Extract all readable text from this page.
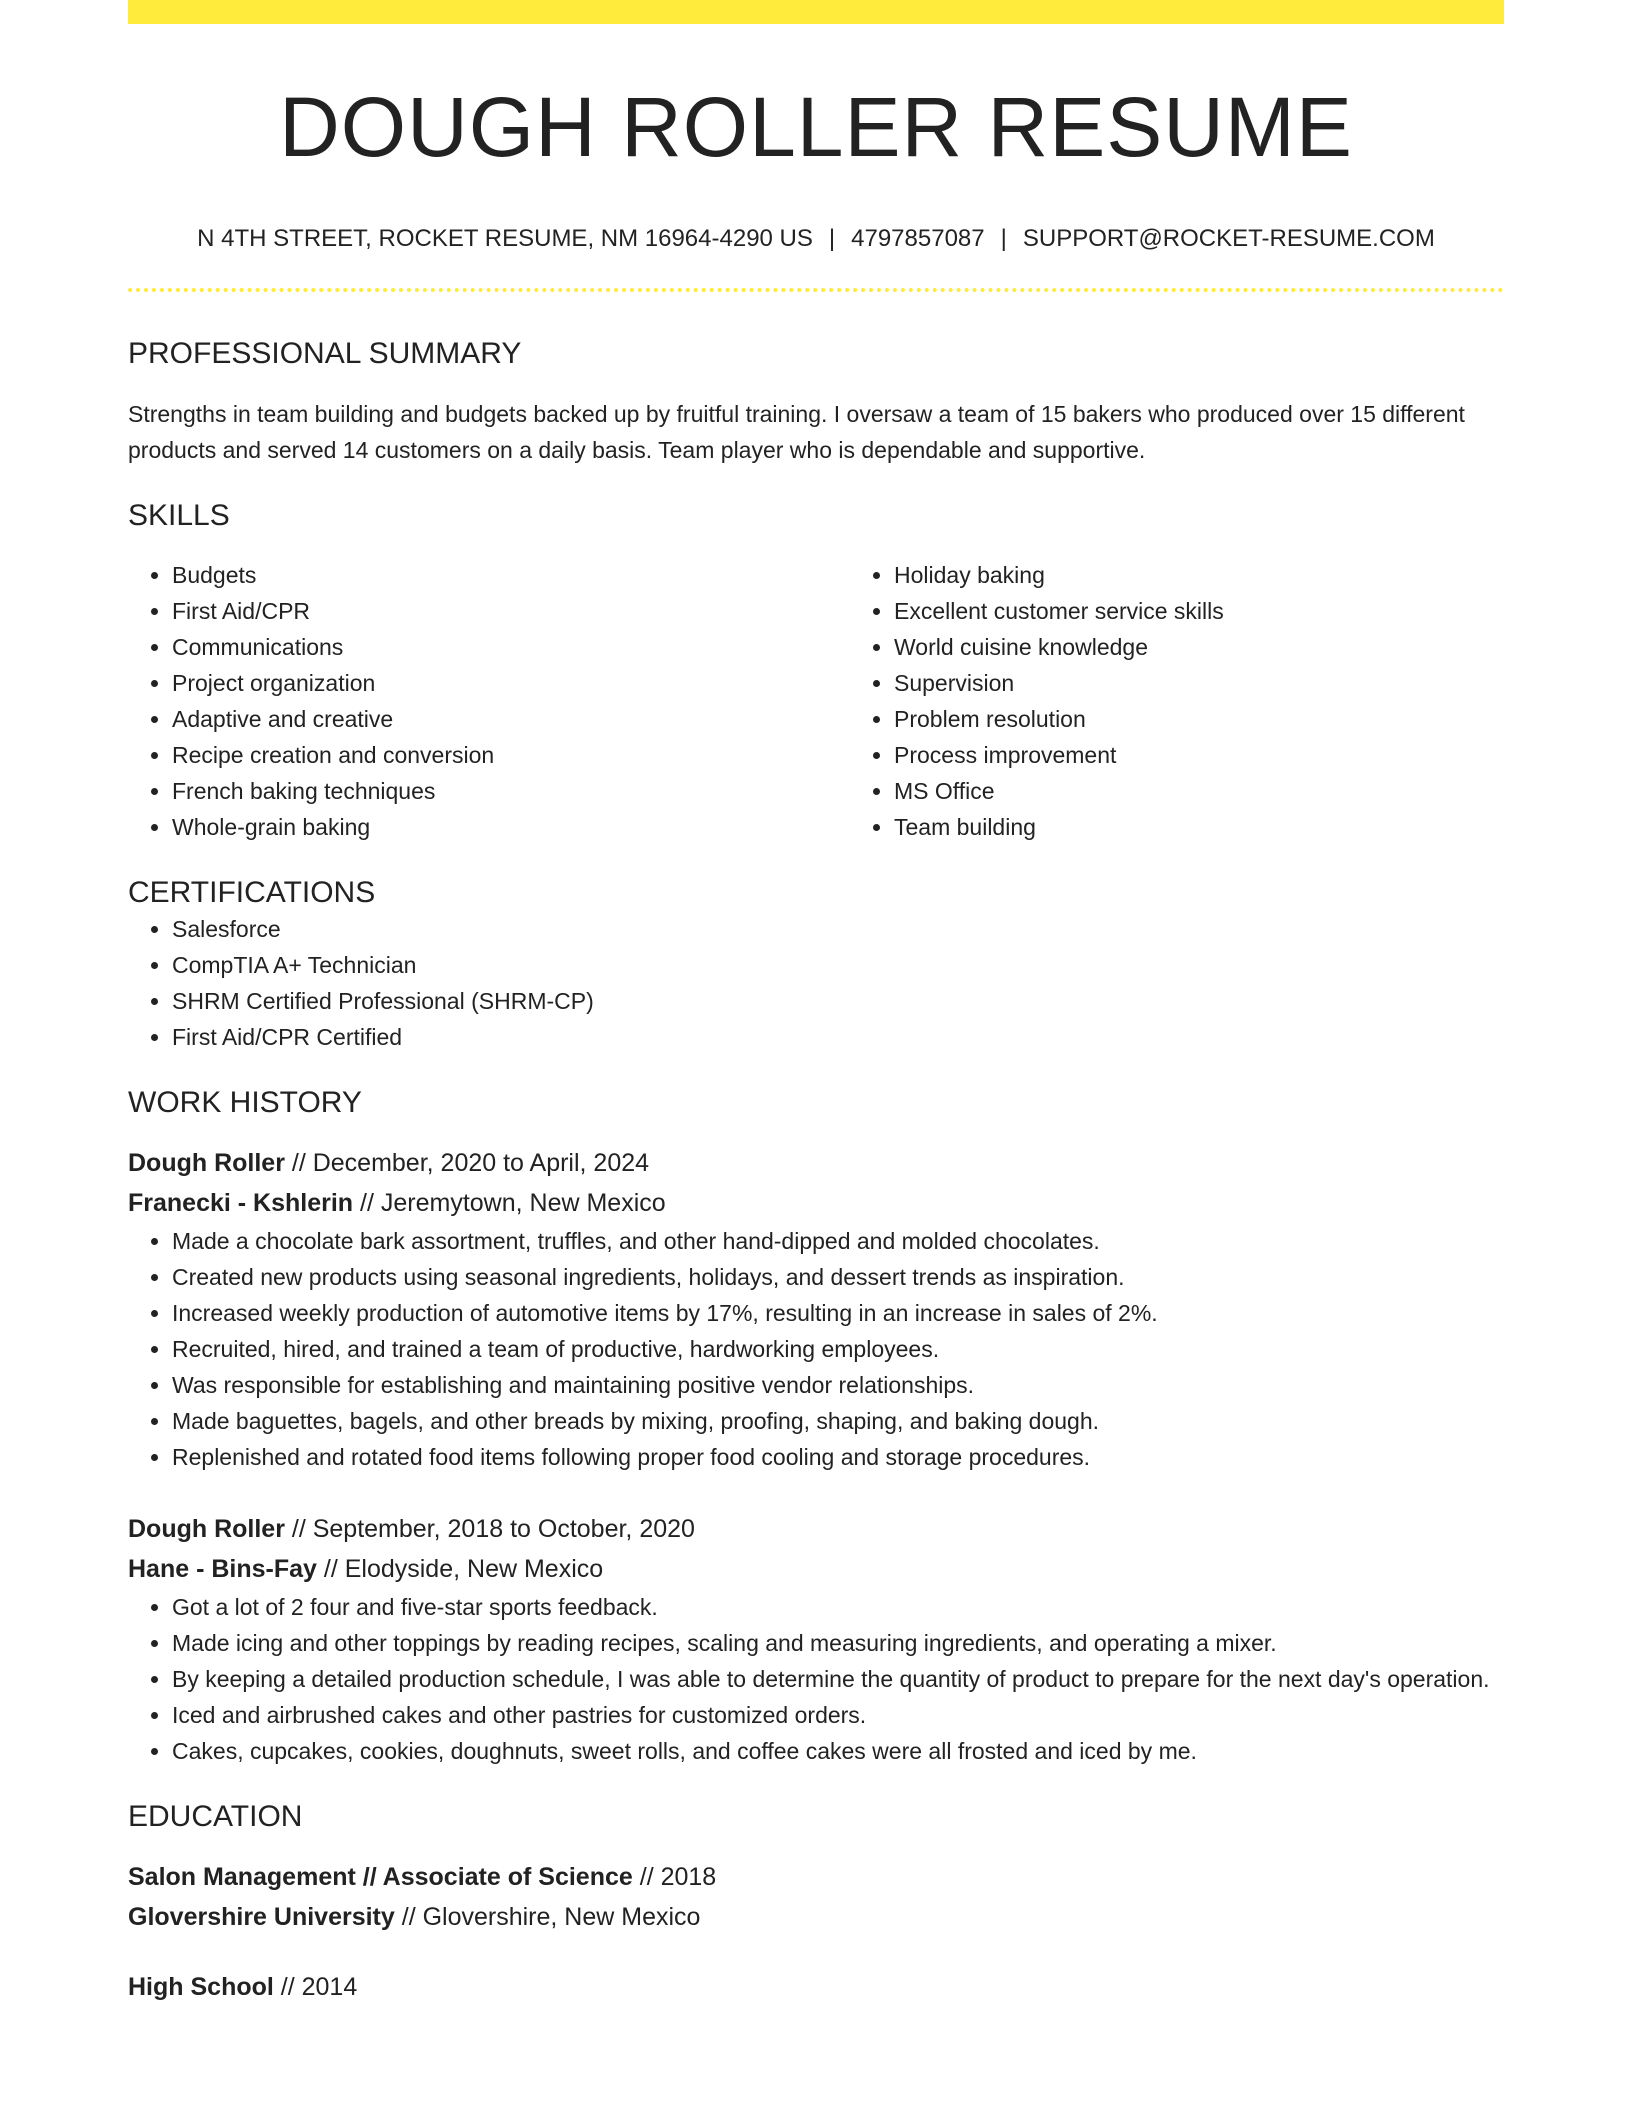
DOUGH ROLLER RESUME
N 4TH STREET, ROCKET RESUME, NM 16964-4290 US | 4797857087 | SUPPORT@ROCKET-RESUME.COM
PROFESSIONAL SUMMARY

Strengths in team building and budgets backed up by fruitful training. I oversaw a team of 15 bakers who produced over 15 different products and served 14 customers on a daily basis. Team player who is dependable and supportive.

SKILLS
• Budgets
• First Aid/CPR
• Communications
• Project organization
• Adaptive and creative
• Recipe creation and conversion
• French baking techniques
• Whole-grain baking
• Holiday baking
• Excellent customer service skills
• World cuisine knowledge
• Supervision
• Problem resolution
• Process improvement
• MS Office
• Team building
CERTIFICATIONS
• Salesforce
• CompTIA A+ Technician
• SHRM Certified Professional (SHRM-CP)
• First Aid/CPR Certified
WORK HISTORY
Dough Roller // December, 2020 to April, 2024
Franecki - Kshlerin // Jeremytown, New Mexico
• Made a chocolate bark assortment, truffles, and other hand-dipped and molded chocolates.
• Created new products using seasonal ingredients, holidays, and dessert trends as inspiration.
• Increased weekly production of automotive items by 17%, resulting in an increase in sales of 2%.
• Recruited, hired, and trained a team of productive, hardworking employees.
• Was responsible for establishing and maintaining positive vendor relationships.
• Made baguettes, bagels, and other breads by mixing, proofing, shaping, and baking dough.
• Replenished and rotated food items following proper food cooling and storage procedures.
Dough Roller // September, 2018 to October, 2020
Hane - Bins-Fay // Elodyside, New Mexico
• Got a lot of 2 four and five-star sports feedback.
• Made icing and other toppings by reading recipes, scaling and measuring ingredients, and operating a mixer.
• By keeping a detailed production schedule, I was able to determine the quantity of product to prepare for the next day's operation.
• Iced and airbrushed cakes and other pastries for customized orders.
• Cakes, cupcakes, cookies, doughnuts, sweet rolls, and coffee cakes were all frosted and iced by me.
EDUCATION
Salon Management // Associate of Science // 2018
Glovershire University // Glovershire, New Mexico
High School // 2014
